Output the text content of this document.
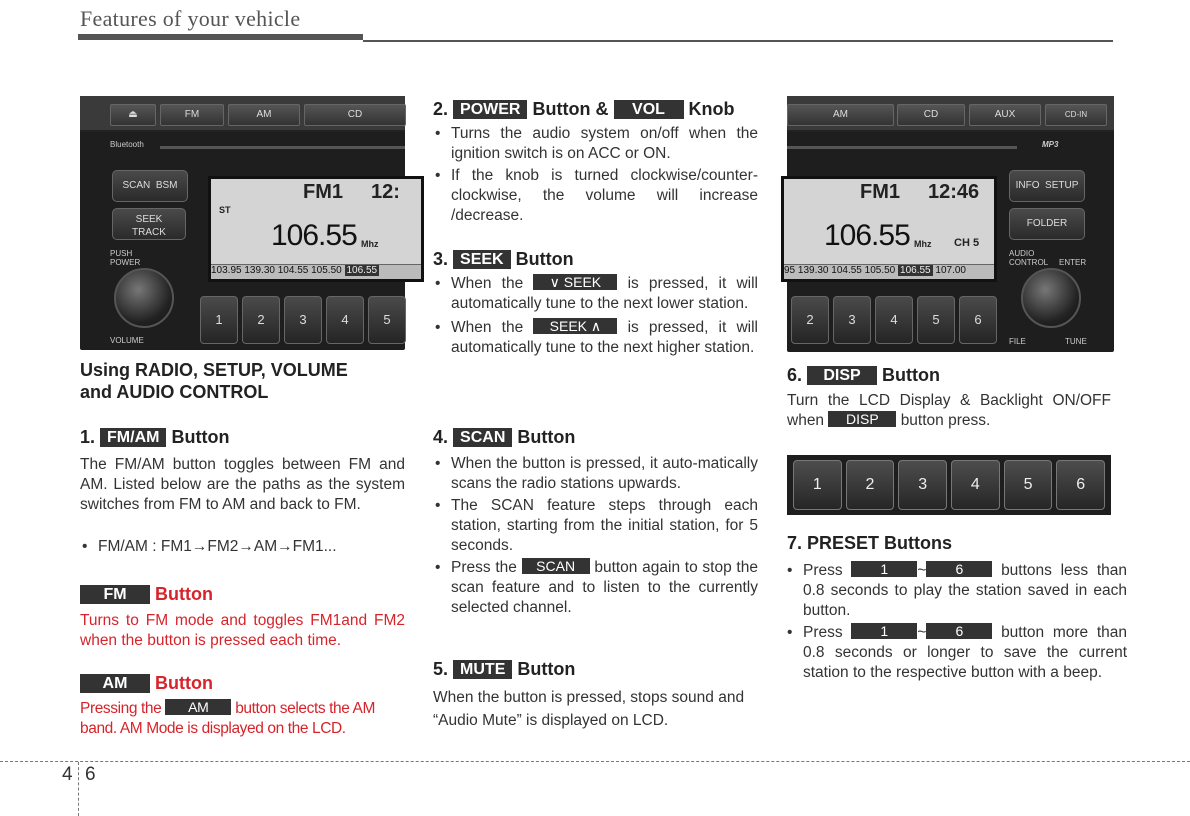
Features of your vehicle
⏏	FM	AM	CD
Bluetooth
SCAN BSM
SEEK
TRACK
PUSH
POWER
VOLUME
FM1 12:
ST
106.55 Mhz
103.95 139.30 104.55 105.50 106.55
1	2	3	4	5
AM	CD	AUX	CD-IN
MP3
INFO SETUP
FOLDER
AUDIO
CONTROL ENTER
FILE	TUNE
FM1 12:46
106.55 Mhz CH 5
95 139.30 104.55 105.50 106.55 107.00
2	3	4	5	6
Using RADIO, SETUP, VOLUME
and AUDIO CONTROL
1. FM/AM Button
The FM/AM button toggles between FM and AM. Listed below are the paths as the system switches from FM to AM and back to FM.
• FM/AM : FM1→FM2→AM→FM1...
FM Button
Turns to FM mode and toggles FM1and FM2 when the button is pressed each time.
AM Button
Pressing the AM button selects the AM band. AM Mode is displayed on the LCD.
2. POWER Button & VOL Knob
• Turns the audio system on/off when the ignition switch is on ACC or ON.
• If the knob is turned clockwise/counter-clockwise, the volume will increase /decrease.
3. SEEK Button
• When the ∨ SEEK is pressed, it will automatically tune to the next lower station.
• When the SEEK ∧ is pressed, it will automatically tune to the next higher station.
4. SCAN Button
• When the button is pressed, it auto-matically scans the radio stations upwards.
• The SCAN feature steps through each station, starting from the initial station, for 5 seconds.
• Press the SCAN button again to stop the scan feature and to listen to the currently selected channel.
5. MUTE Button
When the button is pressed, stops sound and “Audio Mute” is displayed on LCD.
6. DISP Button
Turn the LCD Display & Backlight ON/OFF when DISP button press.
1	2	3	4	5	6
7. PRESET Buttons
• Press	1 ~ 6 buttons less than 0.8 seconds to play the station saved in each button.
• Press	1 ~ 6 button more than 0.8 seconds or longer to save the current station to the respective button with a beep.
4 6
